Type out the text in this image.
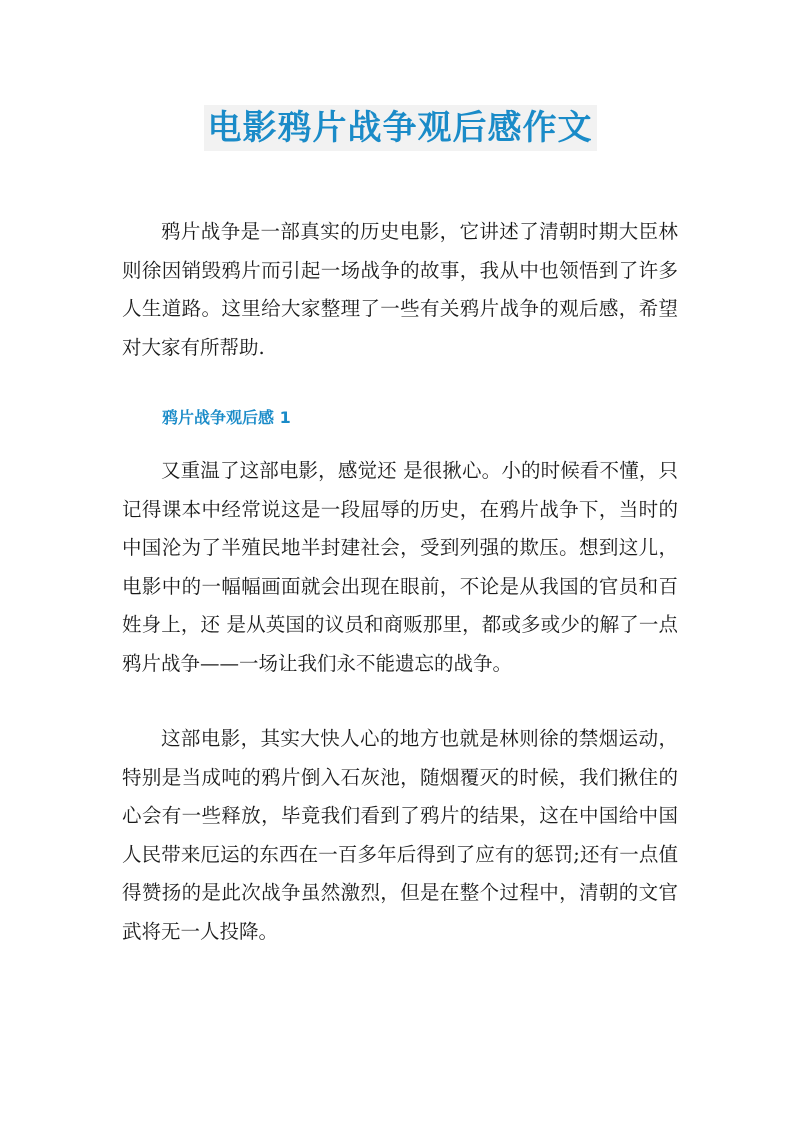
电影鸦片战争观后感作文

鸦片战争是一部真实的历史电影，它讲述了清朝时期大臣林则徐因销毁鸦片而引起一场战争的故事，我从中也领悟到了许多人生道路。这里给大家整理了一些有关鸦片战争的观后感，希望对大家有所帮助.

鸦片战争观后感 1

又重温了这部电影，感觉还 是很揪心。小的时候看不懂，只记得课本中经常说这是一段屈辱的历史，在鸦片战争下，当时的中国沦为了半殖民地半封建社会，受到列强的欺压。想到这儿，电影中的一幅幅画面就会出现在眼前，不论是从我国的官员和百姓身上，还 是从英国的议员和商贩那里，都或多或少的解了一点鸦片战争——一场让我们永不能遗忘的战争。

这部电影，其实大快人心的地方也就是林则徐的禁烟运动，特别是当成吨的鸦片倒入石灰池，随烟覆灭的时候，我们揪住的心会有一些释放，毕竟我们看到了鸦片的结果，这在中国给中国人民带来厄运的东西在一百多年后得到了应有的惩罚;还有一点值得赞扬的是此次战争虽然激烈，但是在整个过程中，清朝的文官武将无一人投降。
